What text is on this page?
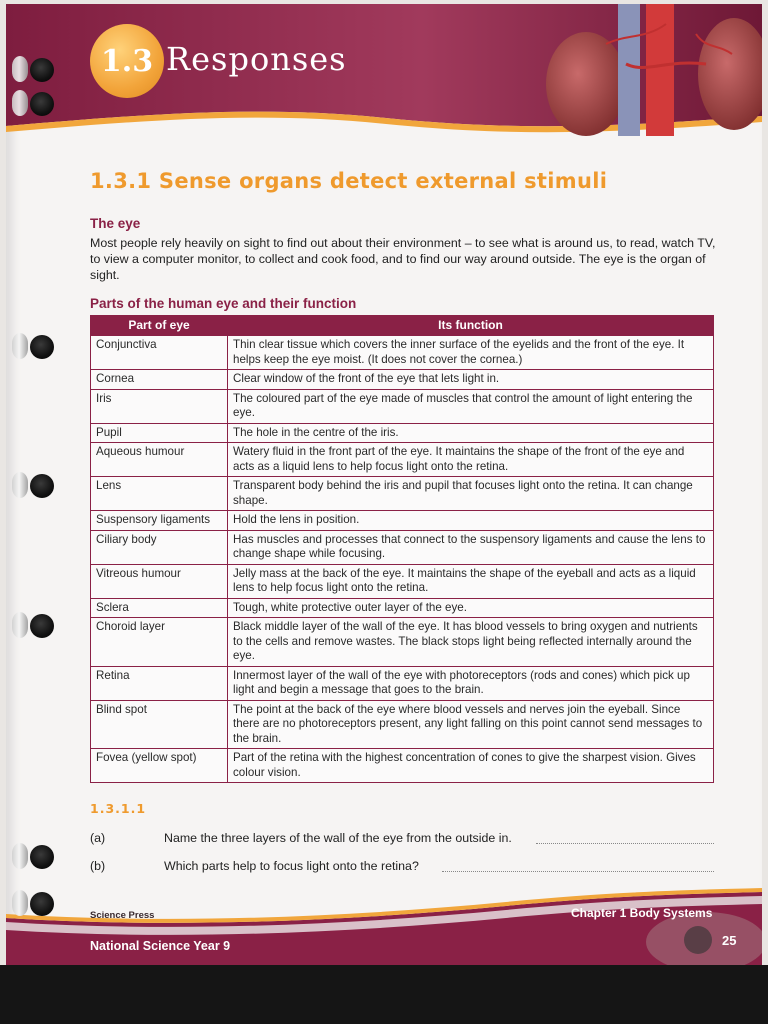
1.3 Responses
1.3.1 Sense organs detect external stimuli
The eye
Most people rely heavily on sight to find out about their environment – to see what is around us, to read, watch TV, to view a computer monitor, to collect and cook food, and to find our way around outside. The eye is the organ of sight.
Parts of the human eye and their function
Part of eye	Its function
Conjunctiva	Thin clear tissue which covers the inner surface of the eyelids and the front of the eye. It helps keep the eye moist. (It does not cover the cornea.)
Cornea	Clear window of the front of the eye that lets light in.
Iris	The coloured part of the eye made of muscles that control the amount of light entering the eye.
Pupil	The hole in the centre of the iris.
Aqueous humour	Watery fluid in the front part of the eye. It maintains the shape of the front of the eye and acts as a liquid lens to help focus light onto the retina.
Lens	Transparent body behind the iris and pupil that focuses light onto the retina. It can change shape.
Suspensory ligaments	Hold the lens in position.
Ciliary body	Has muscles and processes that connect to the suspensory ligaments and cause the lens to change shape while focusing.
Vitreous humour	Jelly mass at the back of the eye. It maintains the shape of the eyeball and acts as a liquid lens to help focus light onto the retina.
Sclera	Tough, white protective outer layer of the eye.
Choroid layer	Black middle layer of the wall of the eye. It has blood vessels to bring oxygen and nutrients to the cells and remove wastes. The black stops light being reflected internally around the eye.
Retina	Innermost layer of the wall of the eye with photoreceptors (rods and cones) which pick up light and begin a message that goes to the brain.
Blind spot	The point at the back of the eye where blood vessels and nerves join the eyeball. Since there are no photoreceptors present, any light falling on this point cannot send messages to the brain.
Fovea (yellow spot)	Part of the retina with the highest concentration of cones to give the sharpest vision. Gives colour vision.
1.3.1.1
(a)	Name the three layers of the wall of the eye from the outside in.
(b)	Which parts help to focus light onto the retina?
Science Press
National Science Year 9
Chapter 1 Body Systems
25
